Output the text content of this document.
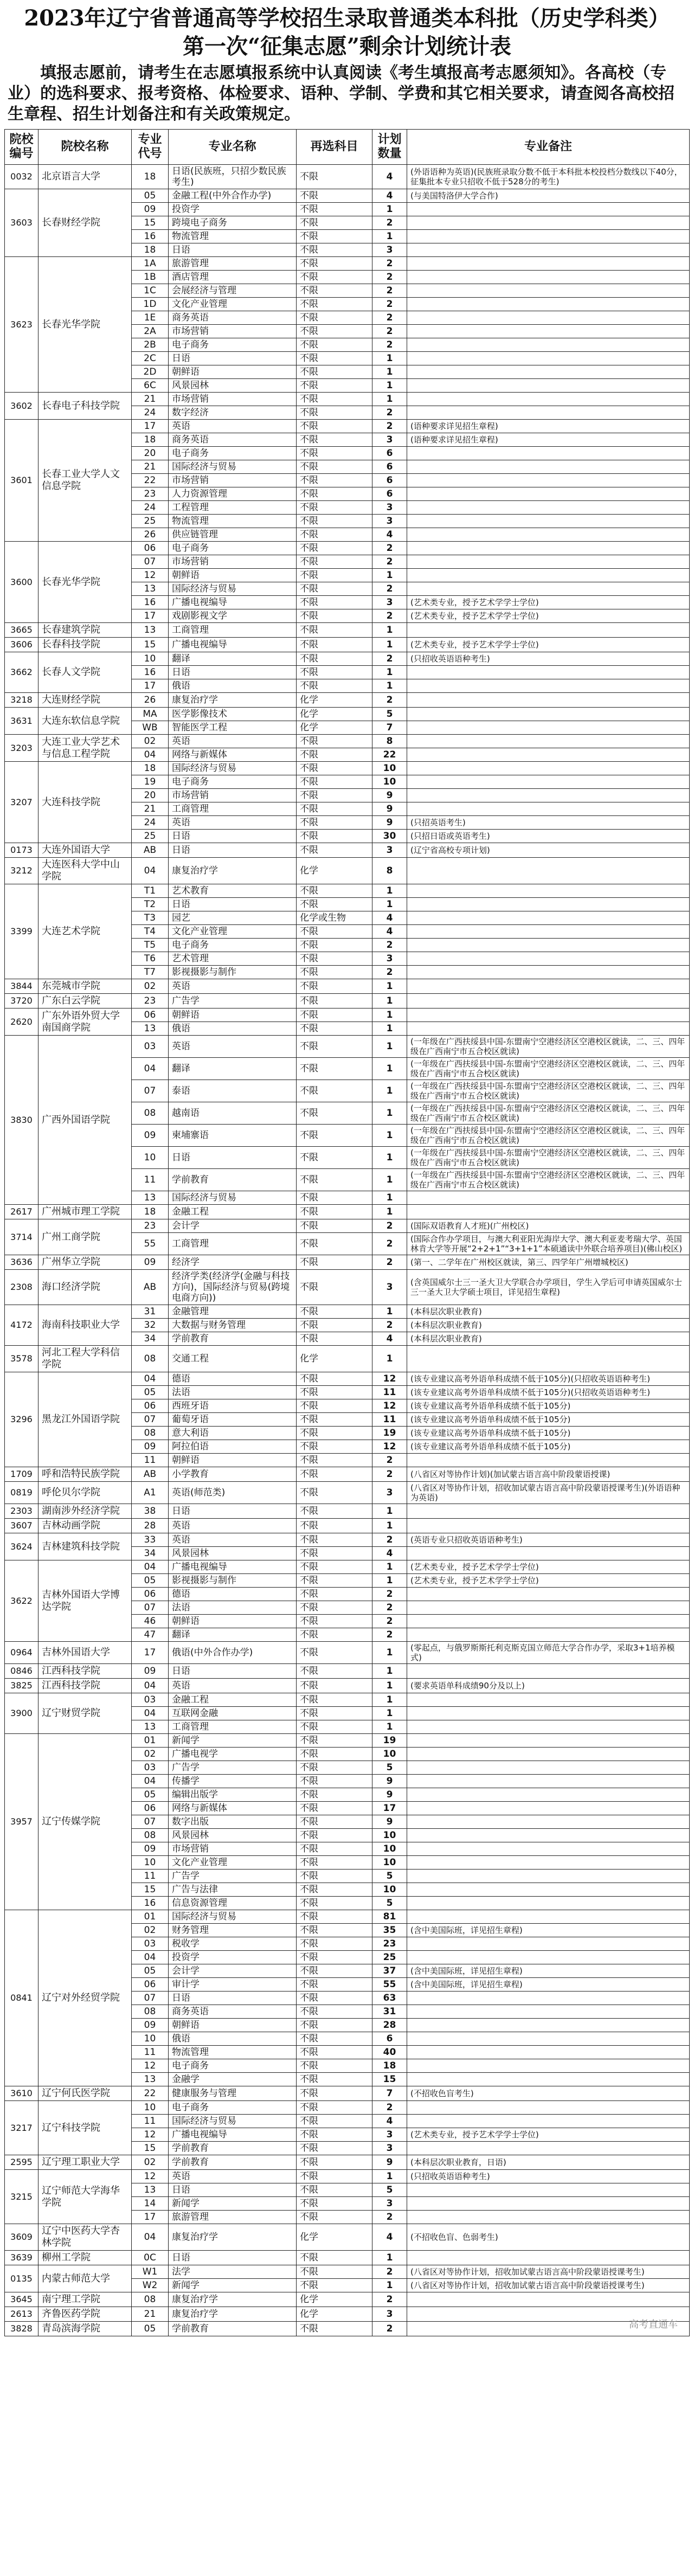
2023年辽宁省普通高等学校招生录取普通类本科批（历史学科类）
第一次“征集志愿”剩余计划统计表
填报志愿前，请考生在志愿填报系统中认真阅读《考生填报高考志愿须知》。各高校（专业）的选科要求、报考资格、体检要求、语种、学制、学费和其它相关要求，请查阅各高校招生章程、招生计划备注和有关政策规定。
院校编号	院校名称	专业代号	专业名称	再选科目	计划数量	专业备注
0032	北京语言大学	18	日语(民族班，只招少数民族考生)	不限	4	(外语语种为英语)(民族班录取分数不低于本科批本校投档分数线以下40分，征集批本专业只招收不低于528分的考生)
3603	长春财经学院	05	金融工程(中外合作办学)	不限	4	(与美国特洛伊大学合作)
		09	投资学	不限	1	
		15	跨境电子商务	不限	2	
		16	物流管理	不限	1	
		18	日语	不限	3	
3623	长春光华学院	1A	旅游管理	不限	2	
		1B	酒店管理	不限	2	
		1C	会展经济与管理	不限	2	
		1D	文化产业管理	不限	2	
		1E	商务英语	不限	2	
		2A	市场营销	不限	2	
		2B	电子商务	不限	2	
		2C	日语	不限	1	
		2D	朝鲜语	不限	1	
		6C	风景园林	不限	1	
3602	长春电子科技学院	21	市场营销	不限	1	
		24	数字经济	不限	2	
3601	长春工业大学人文信息学院	17	英语	不限	2	(语种要求详见招生章程)
		18	商务英语	不限	3	(语种要求详见招生章程)
		20	电子商务	不限	6	
		21	国际经济与贸易	不限	6	
		22	市场营销	不限	6	
		23	人力资源管理	不限	6	
		24	工程管理	不限	3	
		25	物流管理	不限	3	
		26	供应链管理	不限	4	
3600	长春光华学院	06	电子商务	不限	2	
		07	市场营销	不限	2	
		12	朝鲜语	不限	1	
		13	国际经济与贸易	不限	2	
		16	广播电视编导	不限	3	(艺术类专业，授予艺术学学士学位)
		17	戏剧影视文学	不限	2	(艺术类专业，授予艺术学学士学位)
3665	长春建筑学院	13	工商管理	不限	1	
3606	长春科技学院	15	广播电视编导	不限	1	(艺术类专业，授予艺术学学士学位)
3662	长春人文学院	10	翻译	不限	2	(只招收英语语种考生)
		16	日语	不限	1	
		17	俄语	不限	1	
3218	大连财经学院	26	康复治疗学	化学	2	
3631	大连东软信息学院	MA	医学影像技术	化学	5	
		WB	智能医学工程	化学	7	
3203	大连工业大学艺术与信息工程学院	02	英语	不限	8	
		04	网络与新媒体	不限	22	
3207	大连科技学院	18	国际经济与贸易	不限	10	
		19	电子商务	不限	10	
		20	市场营销	不限	9	
		21	工商管理	不限	9	
		24	英语	不限	9	(只招英语考生)
		25	日语	不限	30	(只招日语或英语考生)
0173	大连外国语大学	AB	日语	不限	3	(辽宁省高校专项计划)
3212	大连医科大学中山学院	04	康复治疗学	化学	8	
3399	大连艺术学院	T1	艺术教育	不限	1	
		T2	日语	不限	1	
		T3	园艺	化学或生物	4	
		T4	文化产业管理	不限	4	
		T5	电子商务	不限	2	
		T6	艺术管理	不限	3	
		T7	影视摄影与制作	不限	2	
3844	东莞城市学院	02	英语	不限	1	
3720	广东白云学院	23	广告学	不限	1	
2620	广东外语外贸大学南国商学院	06	朝鲜语	不限	1	
		13	俄语	不限	1	
3830	广西外国语学院	03	英语	不限	1	(一年级在广西扶绥县中国-东盟南宁空港经济区空港校区就读，二、三、四年级在广西南宁市五合校区就读)
		04	翻译	不限	1	(一年级在广西扶绥县中国-东盟南宁空港经济区空港校区就读，二、三、四年级在广西南宁市五合校区就读)
		07	泰语	不限	1	(一年级在广西扶绥县中国-东盟南宁空港经济区空港校区就读，二、三、四年级在广西南宁市五合校区就读)
		08	越南语	不限	1	(一年级在广西扶绥县中国-东盟南宁空港经济区空港校区就读，二、三、四年级在广西南宁市五合校区就读)
		09	柬埔寨语	不限	1	(一年级在广西扶绥县中国-东盟南宁空港经济区空港校区就读，二、三、四年级在广西南宁市五合校区就读)
		10	日语	不限	1	(一年级在广西扶绥县中国-东盟南宁空港经济区空港校区就读，二、三、四年级在广西南宁市五合校区就读)
		11	学前教育	不限	1	(一年级在广西扶绥县中国-东盟南宁空港经济区空港校区就读，二、三、四年级在广西南宁市五合校区就读)
		13	国际经济与贸易	不限	1	
2617	广州城市理工学院	18	金融工程	不限	1	
3714	广州工商学院	23	会计学	不限	2	(国际双语教育人才班)(广州校区)
		55	工商管理	不限	2	(国际合作办学项目，与澳大利亚阳光海岸大学、澳大利亚麦考瑞大学、英国林肯大学等开展“2+2+1”“3+1+1”本硕通读中外联合培养项目)(佛山校区)
3636	广州华立学院	09	经济学	不限	2	(第一、二学年在广州校区就读，第三、四学年广州增城校区)
2308	海口经济学院	AB	经济学类(经济学(金融与科技方向)，国际经济与贸易(跨境电商方向))	不限	3	(含英国威尔士三一圣大卫大学联合办学项目，学生入学后可申请英国威尔士三一圣大卫大学硕士项目，详见招生章程)
4172	海南科技职业大学	31	金融管理	不限	1	(本科层次职业教育)
		32	大数据与财务管理	不限	2	(本科层次职业教育)
		34	学前教育	不限	4	(本科层次职业教育)
3578	河北工程大学科信学院	08	交通工程	化学	1	
3296	黑龙江外国语学院	04	德语	不限	12	(该专业建议高考外语单科成绩不低于105分)(只招收英语语种考生)
		05	法语	不限	11	(该专业建议高考外语单科成绩不低于105分)(只招收英语语种考生)
		06	西班牙语	不限	12	(该专业建议高考外语单科成绩不低于105分)
		07	葡萄牙语	不限	11	(该专业建议高考外语单科成绩不低于105分)
		08	意大利语	不限	19	(该专业建议高考外语单科成绩不低于105分)
		09	阿拉伯语	不限	12	(该专业建议高考外语单科成绩不低于105分)
		11	朝鲜语	不限	2	
1709	呼和浩特民族学院	AB	小学教育	不限	2	(八省区对等协作计划)(加试蒙古语言高中阶段蒙语授课)
0819	呼伦贝尔学院	A1	英语(师范类)	不限	3	(八省区对等协作计划，招收加试蒙古语言高中阶段蒙语授课考生)(外语语种为英语)
2303	湖南涉外经济学院	38	日语	不限	1	
3607	吉林动画学院	28	英语	不限	1	
3624	吉林建筑科技学院	33	英语	不限	2	(英语专业只招收英语语种考生)
		34	风景园林	不限	4	
3622	吉林外国语大学博达学院	04	广播电视编导	不限	1	(艺术类专业，授予艺术学学士学位)
		05	影视摄影与制作	不限	1	(艺术类专业，授予艺术学学士学位)
		06	德语	不限	2	
		07	法语	不限	2	
		46	朝鲜语	不限	2	
		47	翻译	不限	2	
0964	吉林外国语大学	17	俄语(中外合作办学)	不限	1	(零起点，与俄罗斯斯托利克斯克国立师范大学合作办学，采取3+1培养模式)
0846	江西科技学院	09	日语	不限	1	
3825	江西科技学院	04	英语	不限	1	(要求英语单科成绩90分及以上)
3900	辽宁财贸学院	03	金融工程	不限	1	
		04	互联网金融	不限	1	
		13	工商管理	不限	1	
3957	辽宁传媒学院	01	新闻学	不限	19	
		02	广播电视学	不限	10	
		03	广告学	不限	5	
		04	传播学	不限	9	
		05	编辑出版学	不限	9	
		06	网络与新媒体	不限	17	
		07	数字出版	不限	9	
		08	风景园林	不限	10	
		09	市场营销	不限	10	
		10	文化产业管理	不限	10	
		11	广告学	不限	5	
		15	广告与法律	不限	10	
		16	信息资源管理	不限	5	
0841	辽宁对外经贸学院	01	国际经济与贸易	不限	81	
		02	财务管理	不限	35	(含中美国际班，详见招生章程)
		03	税收学	不限	23	
		04	投资学	不限	25	
		05	会计学	不限	37	(含中美国际班，详见招生章程)
		06	审计学	不限	55	(含中美国际班，详见招生章程)
		07	日语	不限	63	
		08	商务英语	不限	31	
		09	朝鲜语	不限	28	
		10	俄语	不限	6	
		11	物流管理	不限	40	
		12	电子商务	不限	18	
		13	金融学	不限	15	
3610	辽宁何氏医学院	22	健康服务与管理	不限	7	(不招收色盲考生)
3217	辽宁科技学院	10	电子商务	不限	2	
		11	国际经济与贸易	不限	4	
		12	广播电视编导	不限	3	(艺术类专业，授予艺术学学士学位)
		15	学前教育	不限	3	
2595	辽宁理工职业大学	02	学前教育	不限	9	(本科层次职业教育，日语)
3215	辽宁师范大学海华学院	12	英语	不限	1	(只招收英语语种考生)
		13	日语	不限	5	
		14	新闻学	不限	3	
		17	旅游管理	不限	2	
3609	辽宁中医药大学杏林学院	04	康复治疗学	化学	4	(不招收色盲、色弱考生)
3639	柳州工学院	0C	日语	不限	1	
0135	内蒙古师范大学	W1	法学	不限	2	(八省区对等协作计划，招收加试蒙古语言高中阶段蒙语授课考生)
		W2	新闻学	不限	1	(八省区对等协作计划，招收加试蒙古语言高中阶段蒙语授课考生)
3645	南宁理工学院	08	康复治疗学	化学	2	
2613	齐鲁医药学院	21	康复治疗学	化学	3	
3828	青岛滨海学院	05	学前教育	不限	2		高考直通车
